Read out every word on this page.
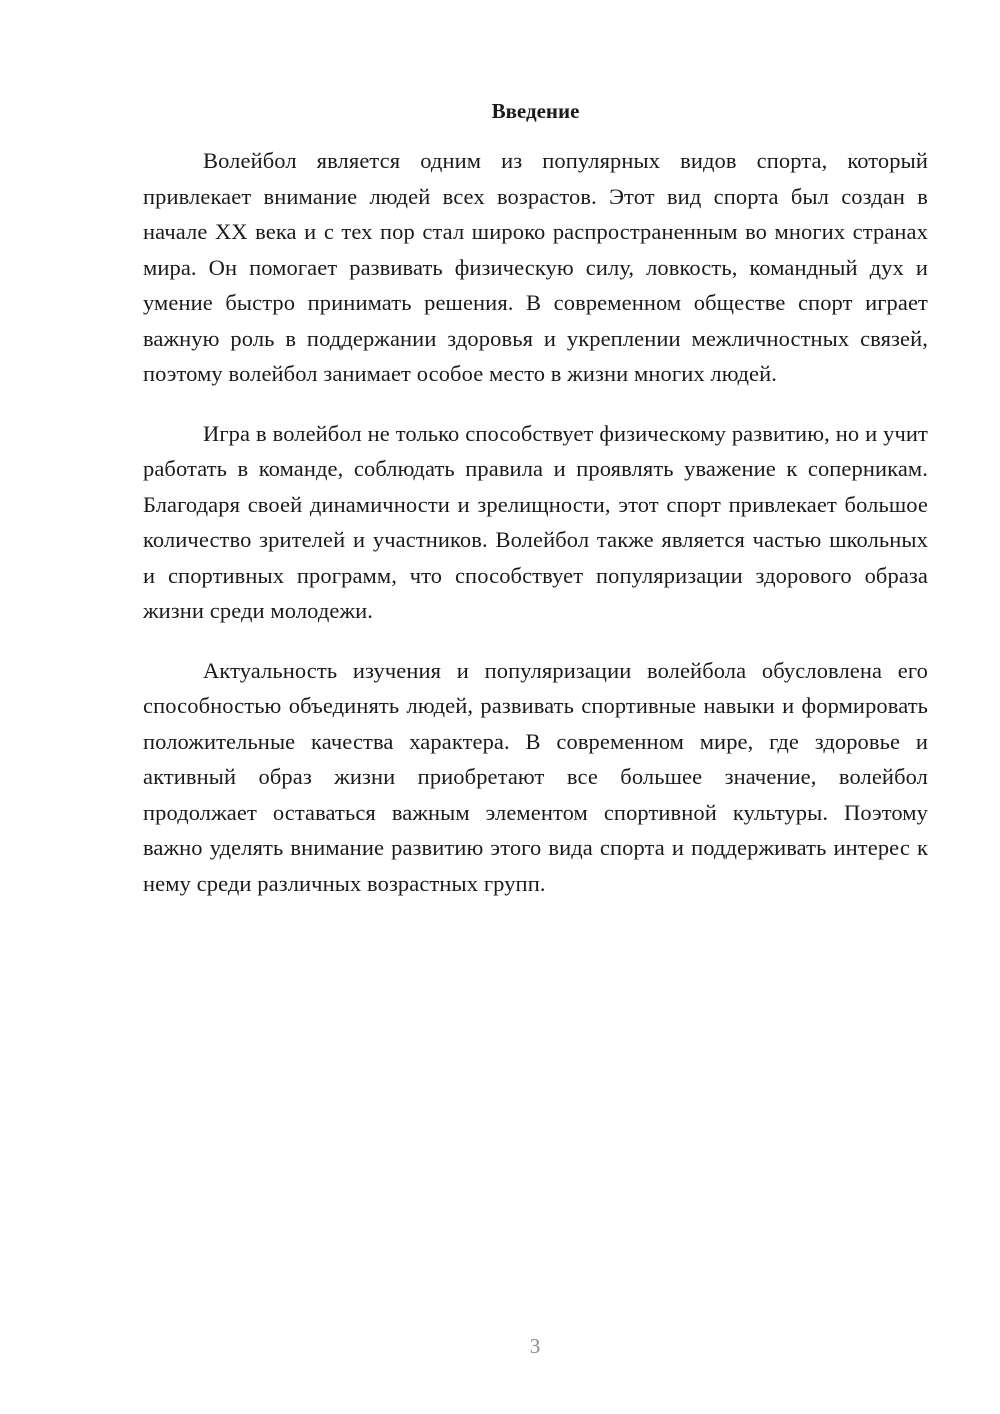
Введение

Волейбол является одним из популярных видов спорта, который привлекает внимание людей всех возрастов. Этот вид спорта был создан в начале XX века и с тех пор стал широко распространенным во многих странах мира. Он помогает развивать физическую силу, ловкость, командный дух и умение быстро принимать решения. В современном обществе спорт играет важную роль в поддержании здоровья и укреплении межличностных связей, поэтому волейбол занимает особое место в жизни многих людей.

Игра в волейбол не только способствует физическому развитию, но и учит работать в команде, соблюдать правила и проявлять уважение к соперникам. Благодаря своей динамичности и зрелищности, этот спорт привлекает большое количество зрителей и участников. Волейбол также является частью школьных и спортивных программ, что способствует популяризации здорового образа жизни среди молодежи.

Актуальность изучения и популяризации волейбола обусловлена его способностью объединять людей, развивать спортивные навыки и формировать положительные качества характера. В современном мире, где здоровье и активный образ жизни приобретают все большее значение, волейбол продолжает оставаться важным элементом спортивной культуры. Поэтому важно уделять внимание развитию этого вида спорта и поддерживать интерес к нему среди различных возрастных групп.

3
